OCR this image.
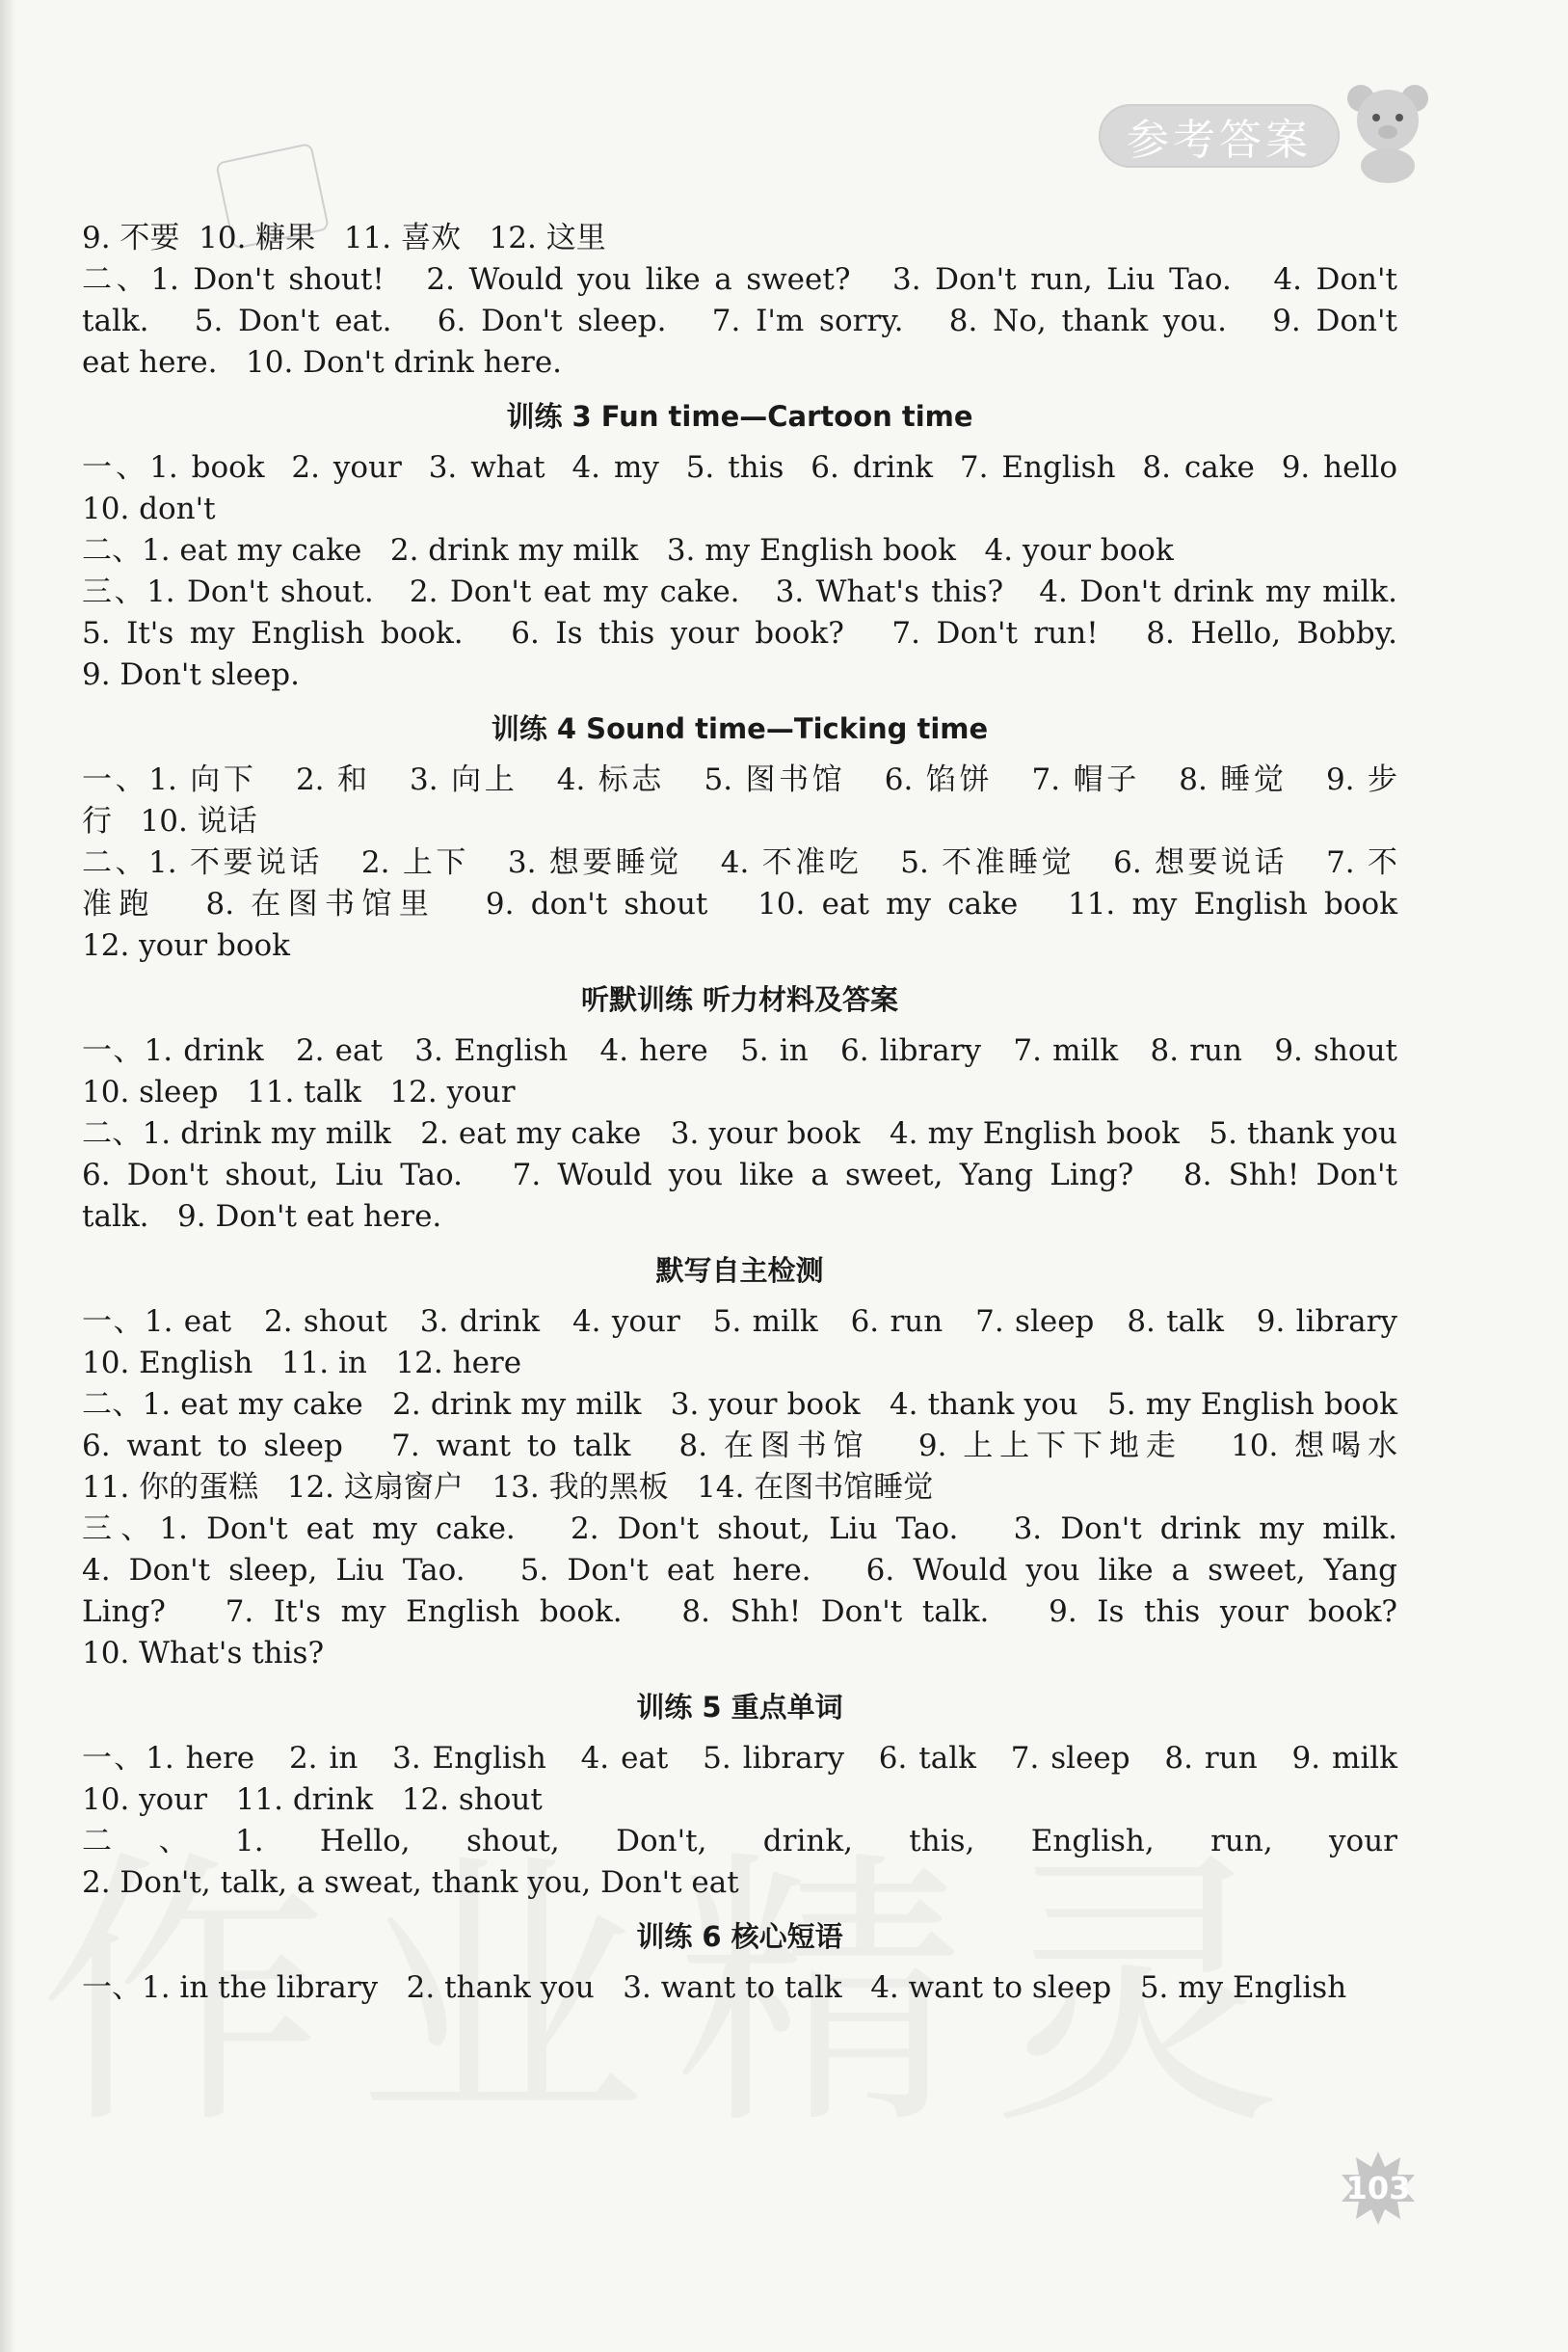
参考答案
9. 不要  10. 糖果   11. 喜欢   12. 这里
二、1. Don't shout!   2. Would you like a sweet?   3. Don't run, Liu Tao.   4. Don't
talk.   5. Don't eat.   6. Don't sleep.   7. I'm sorry.   8. No, thank you.   9. Don't
eat here.   10. Don't drink here.
训练 3 Fun time—Cartoon time
一、1. book  2. your  3. what  4. my  5. this  6. drink  7. English  8. cake  9. hello
10. don't
二、1. eat my cake   2. drink my milk   3. my English book   4. your book
三、1. Don't shout.   2. Don't eat my cake.   3. What's this?   4. Don't drink my milk.
5. It's my English book.   6. Is this your book?   7. Don't run!   8. Hello, Bobby.
9. Don't sleep.
训练 4 Sound time—Ticking time
一、1. 向下   2. 和   3. 向上   4. 标志   5. 图书馆   6. 馅饼   7. 帽子   8. 睡觉   9. 步
行   10. 说话
二、1. 不要说话   2. 上下   3. 想要睡觉   4. 不准吃   5. 不准睡觉   6. 想要说话   7. 不
准跑   8. 在图书馆里   9. don't shout   10. eat my cake   11. my English book
12. your book
听默训练 听力材料及答案
一、1. drink   2. eat   3. English   4. here   5. in   6. library   7. milk   8. run   9. shout
10. sleep   11. talk   12. your
二、1. drink my milk   2. eat my cake   3. your book   4. my English book   5. thank you
6. Don't shout, Liu Tao.   7. Would you like a sweet, Yang Ling?   8. Shh! Don't
talk.   9. Don't eat here.
默写自主检测
一、1. eat   2. shout   3. drink   4. your   5. milk   6. run   7. sleep   8. talk   9. library
10. English   11. in   12. here
二、1. eat my cake   2. drink my milk   3. your book   4. thank you   5. my English book
6. want to sleep   7. want to talk   8. 在图书馆   9. 上上下下地走   10. 想喝水
11. 你的蛋糕   12. 这扇窗户   13. 我的黑板   14. 在图书馆睡觉
三、1. Don't eat my cake.   2. Don't shout, Liu Tao.   3. Don't drink my milk.
4. Don't sleep, Liu Tao.   5. Don't eat here.   6. Would you like a sweet, Yang
Ling?   7. It's my English book.   8. Shh! Don't talk.   9. Is this your book?
10. What's this?
训练 5 重点单词
一、1. here   2. in   3. English   4. eat   5. library   6. talk   7. sleep   8. run   9. milk
10. your   11. drink   12. shout
二、1. Hello, shout, Don't, drink, this, English, run, your
2. Don't, talk, a sweat, thank you, Don't eat
训练 6 核心短语
一、1. in the library   2. thank you   3. want to talk   4. want to sleep   5. my English
103
